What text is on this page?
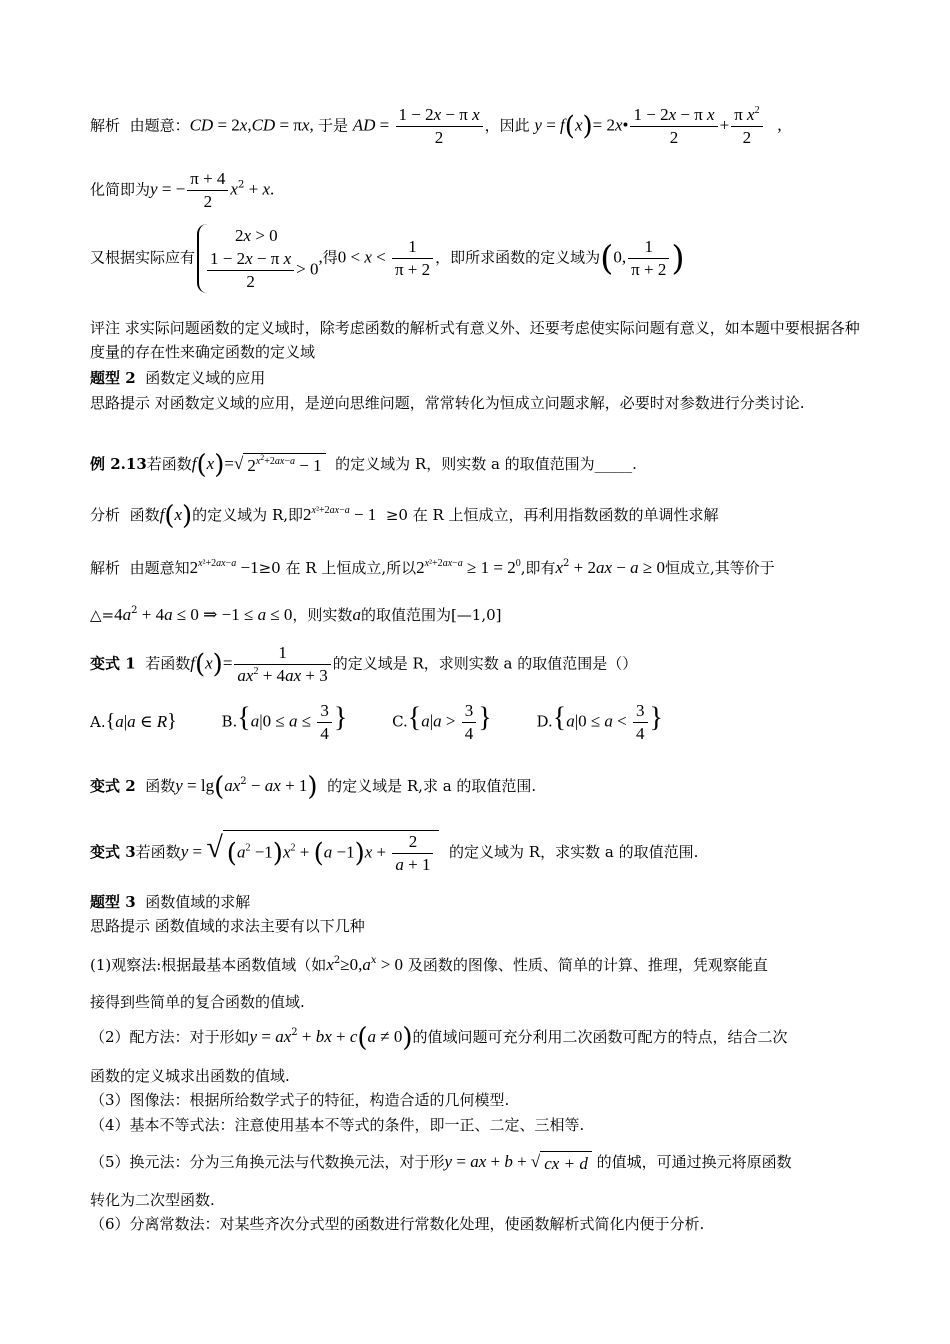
解析 由题意：CD = 2x,CD = πx, 于是 AD = $\frac{\text{1 − 2x − π x}}{2}$ ，因此 y = f(x)= 2x• $\frac{\text{1 − 2x − π x}}{2} + \frac{\pi x^2}{2}$ ,
化简即为y = − $\frac{\pi + 4}{2} x^2 + x$.
又根据实际应有
2x > 0
$\frac{\text{1 − 2x − π x}}{2} > 0$
,得$0 < x < \frac{1}{\pi + 2}$ ，即所求函数的定义域为(0, $\frac{1}{\pi + 2}$ )
评注 求实际问题函数的定义域时，除考虑函数的解析式有意义外、还要考虑使实际问题有意义，如本题中要根据各种度量的存在性来确定函数的定义域
题型 2 函数定义域的应用
思路提示 对函数定义域的应用，是逆向思维问题，常常转化为恒成立问题求解，必要时对参数进行分类讨论.
例 2.13若函数f(x)=√ $2^{x^2+2ax-a} - 1$ 的定义域为 R，则实数 a 的取值范围为_____.
分析 函数f(x)的定义域为 R,即$2^{x^2+2ax-a} - 1 \ge 0$ 在 R 上恒成立，再利用指数函数的单调性求解
解析 由题意知$2^{x^2+2ax-a} -1\ge 0$ 在 R 上恒成立,所以$2^{x^2+2ax-a} \ge 1 = 2^0$,即有$x^2 + 2ax - a \ge 0$恒成立,其等价于
$\triangle=4a^2 + 4a \le 0$ ⇒ −1 ≤ a ≤ 0，则实数a的取值范围为[—1,0]
变式 1 若函数$f(x)= \frac{1}{ax^2 + 4ax + 3}$ 的定义域是 R，求则实数 a 的取值范围是（）
A.{a|a ∈ R}	$B.\{a|0 \le a \le \frac{3}{4}$ }	$C.\{a|a > \frac{3}{4}$ }	$D.\{a|0 \le a < \frac{3}{4}$ }
变式 2 函数$y = \lg(ax^2$ − ax + 1) 的定义域是 R,求 a 的取值范围.
变式 3若函数y = √ $(a^2 -1)x^2 + (a -1)x + \frac{2}{a + 1}$ 的定义域为 R，求实数 a 的取值范围.
题型 3 函数值域的求解
思路提示 函数值域的求法主要有以下几种
(1)观察法:根据最基本函数值域（如$x^2\ge 0,a^x > 0$ 及函数的图像、性质、简单的计算、推理，凭观察能直
接得到些简单的复合函数的值域.
（2）配方法：对于形如$y = ax^2$ + bx + c(a ≠ 0)的值域问题可充分利用二次函数可配方的特点，结合二次
函数的定义城求出函数的值域.
（3）图像法：根据所给数学式子的特征，构造合适的几何模型.
（4）基本不等式法：注意使用基本不等式的条件，即一正、二定、三相等.
（5）换元法：分为三角换元法与代数换元法，对于形y = ax + b + √ cx + d 的值城，可通过换元将原函数
转化为二次型函数.
（6）分离常数法：对某些齐次分式型的函数进行常数化处理，使函数解析式简化内便于分析.
